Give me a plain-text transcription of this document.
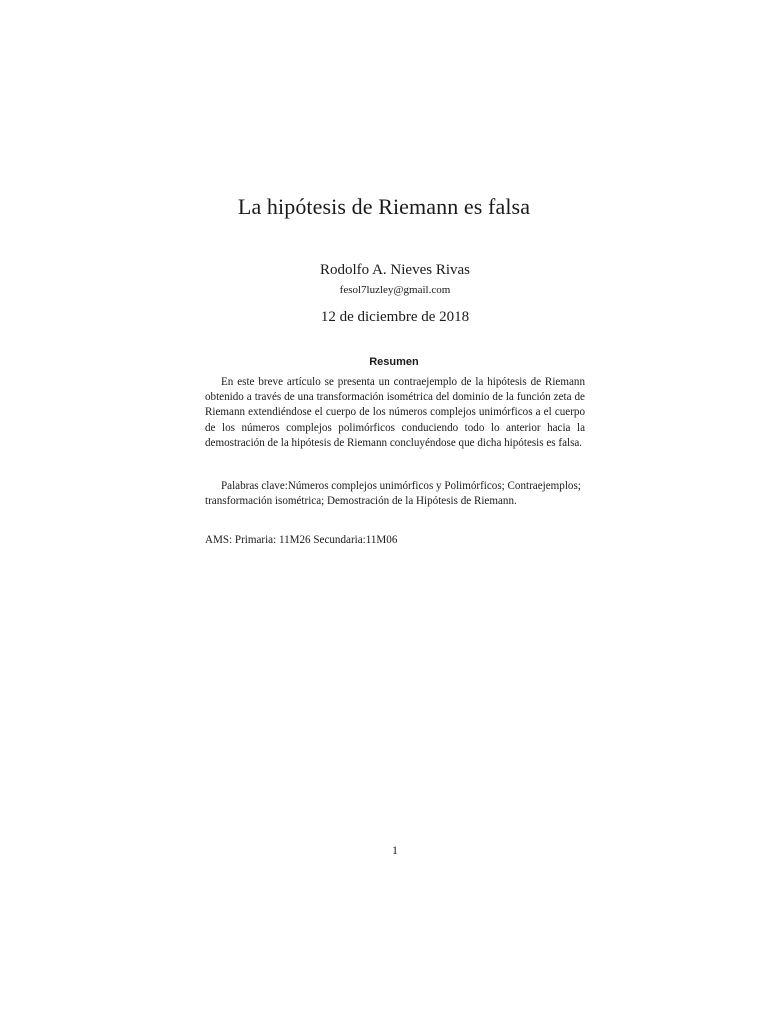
La hipótesis de Riemann es falsa
Rodolfo A. Nieves Rivas
fesol7luzley@gmail.com
12 de diciembre de 2018
Resumen

En este breve artículo se presenta un contraejemplo de la hipótesis de Riemann obtenido a través de una transformación isométrica del dominio de la función zeta de Riemann extendiéndose el cuerpo de los números complejos unimórficos a el cuerpo de los números complejos polimórficos conduciendo todo lo anterior hacia la demostración de la hipótesis de Riemann concluyéndose que dicha hipótesis es falsa.

Palabras clave:Números complejos unimórficos y Polimórficos; Contraejemplos; transformación isométrica; Demostración de la Hipótesis de Riemann.

AMS: Primaria: 11M26 Secundaria:11M06

1
